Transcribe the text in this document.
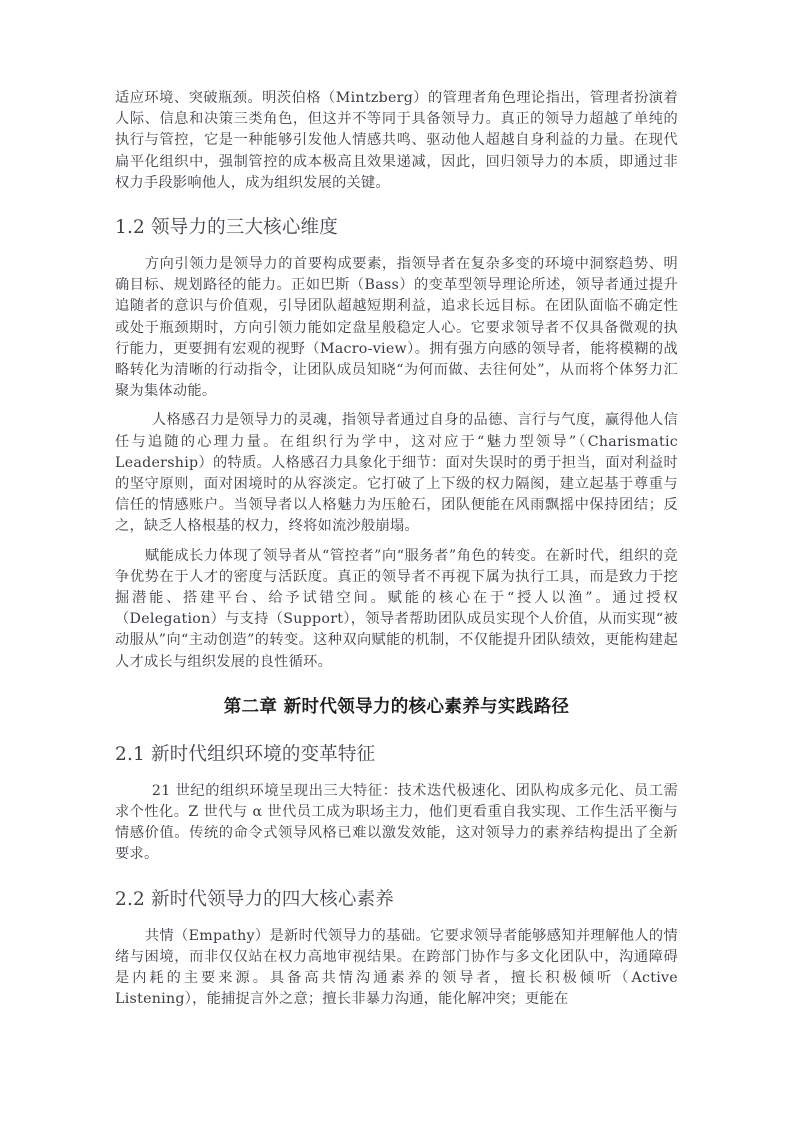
适应环境、突破瓶颈。明茨伯格（Mintzberg）的管理者角色理论指出，管理者扮演着人际、信息和决策三类角色，但这并不等同于具备领导力。真正的领导力超越了单纯的执行与管控，它是一种能够引发他人情感共鸣、驱动他人超越自身利益的力量。在现代扁平化组织中，强制管控的成本极高且效果递减，因此，回归领导力的本质，即通过非权力手段影响他人，成为组织发展的关键。

1.2 领导力的三大核心维度

方向引领力是领导力的首要构成要素，指领导者在复杂多变的环境中洞察趋势、明确目标、规划路径的能力。正如巴斯（Bass）的变革型领导理论所述，领导者通过提升追随者的意识与价值观，引导团队超越短期利益，追求长远目标。在团队面临不确定性或处于瓶颈期时，方向引领力能如定盘星般稳定人心。它要求领导者不仅具备微观的执行能力，更要拥有宏观的视野（Macro-view）。拥有强方向感的领导者，能将模糊的战略转化为清晰的行动指令，让团队成员知晓“为何而做、去往何处”，从而将个体努力汇聚为集体动能。

人格感召力是领导力的灵魂，指领导者通过自身的品德、言行与气度，赢得他人信任与追随的心理力量。在组织行为学中，这对应于“魅力型领导”（Charismatic Leadership）的特质。人格感召力具象化于细节：面对失误时的勇于担当，面对利益时的坚守原则，面对困境时的从容淡定。它打破了上下级的权力隔阂，建立起基于尊重与信任的情感账户。当领导者以人格魅力为压舱石，团队便能在风雨飘摇中保持团结；反之，缺乏人格根基的权力，终将如流沙般崩塌。

赋能成长力体现了领导者从“管控者”向“服务者”角色的转变。在新时代，组织的竞争优势在于人才的密度与活跃度。真正的领导者不再视下属为执行工具，而是致力于挖掘潜能、搭建平台、给予试错空间。赋能的核心在于“授人以渔”。通过授权（Delegation）与支持（Support），领导者帮助团队成员实现个人价值，从而实现“被动服从”向“主动创造”的转变。这种双向赋能的机制，不仅能提升团队绩效，更能构建起人才成长与组织发展的良性循环。

第二章 新时代领导力的核心素养与实践路径
2.1 新时代组织环境的变革特征

21 世纪的组织环境呈现出三大特征：技术迭代极速化、团队构成多元化、员工需求个性化。Z 世代与 α 世代员工成为职场主力，他们更看重自我实现、工作生活平衡与情感价值。传统的命令式领导风格已难以激发效能，这对领导力的素养结构提出了全新要求。

2.2 新时代领导力的四大核心素养

共情（Empathy）是新时代领导力的基础。它要求领导者能够感知并理解他人的情绪与困境，而非仅仅站在权力高地审视结果。在跨部门协作与多文化团队中，沟通障碍是内耗的主要来源。具备高共情沟通素养的领导者，擅长积极倾听（Active Listening），能捕捉言外之意；擅长非暴力沟通，能化解冲突；更能在
